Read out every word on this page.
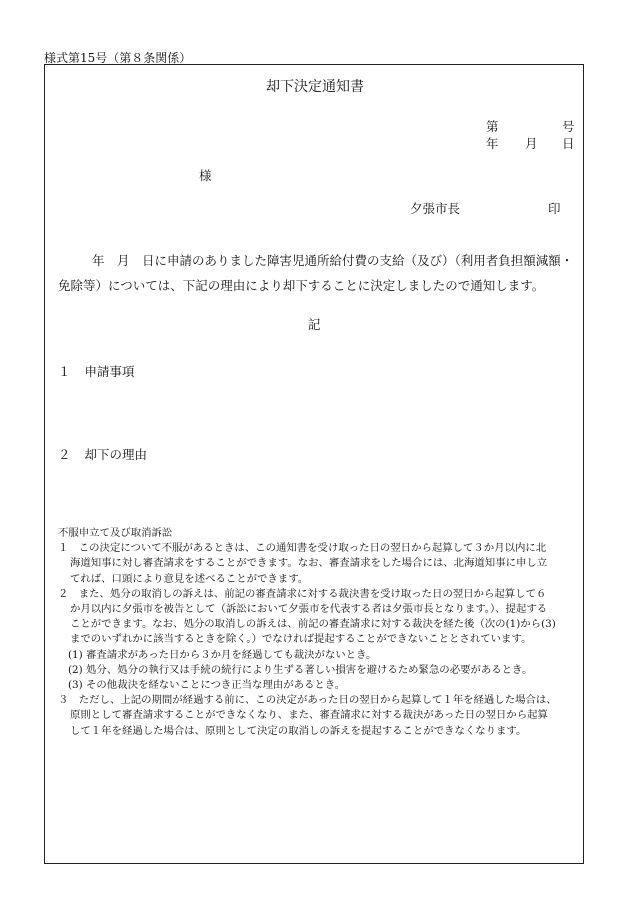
様式第15号（第８条関係）
却下決定通知書
第	号
年 月 日
様
夕張市長	印
年　月　日に申請のありました障害児通所給付費の支給（及び）（利用者負担額減額・
免除等）については、下記の理由により却下することに決定しましたので通知します。
記
１ 申請事項
２ 却下の理由
不服申立て及び取消訴訟
１　この決定について不服があるときは、この通知書を受け取った日の翌日から起算して３か月以内に北
海道知事に対し審査請求をすることができます。なお、審査請求をした場合には、北海道知事に申し立
てれば、口頭により意見を述べることができます。
２　また、処分の取消しの訴えは、前記の審査請求に対する裁決書を受け取った日の翌日から起算して６
か月以内に夕張市を被告として（訴訟において夕張市を代表する者は夕張市長となります。）、提起する
ことができます。なお、処分の取消しの訴えは、前記の審査請求に対する裁決を経た後（次の(1)から(3)
までのいずれかに該当するときを除く。）でなければ提起することができないこととされています。
(1) 審査請求があった日から３か月を経過しても裁決がないとき。
(2) 処分、処分の執行又は手続の続行により生ずる著しい損害を避けるため緊急の必要があるとき。
(3) その他裁決を経ないことにつき正当な理由があるとき。
３　ただし、上記の期間が経過する前に、この決定があった日の翌日から起算して１年を経過した場合は、
原則として審査請求することができなくなり、また、審査請求に対する裁決があった日の翌日から起算
して１年を経過した場合は、原則として決定の取消しの訴えを提起することができなくなります。
